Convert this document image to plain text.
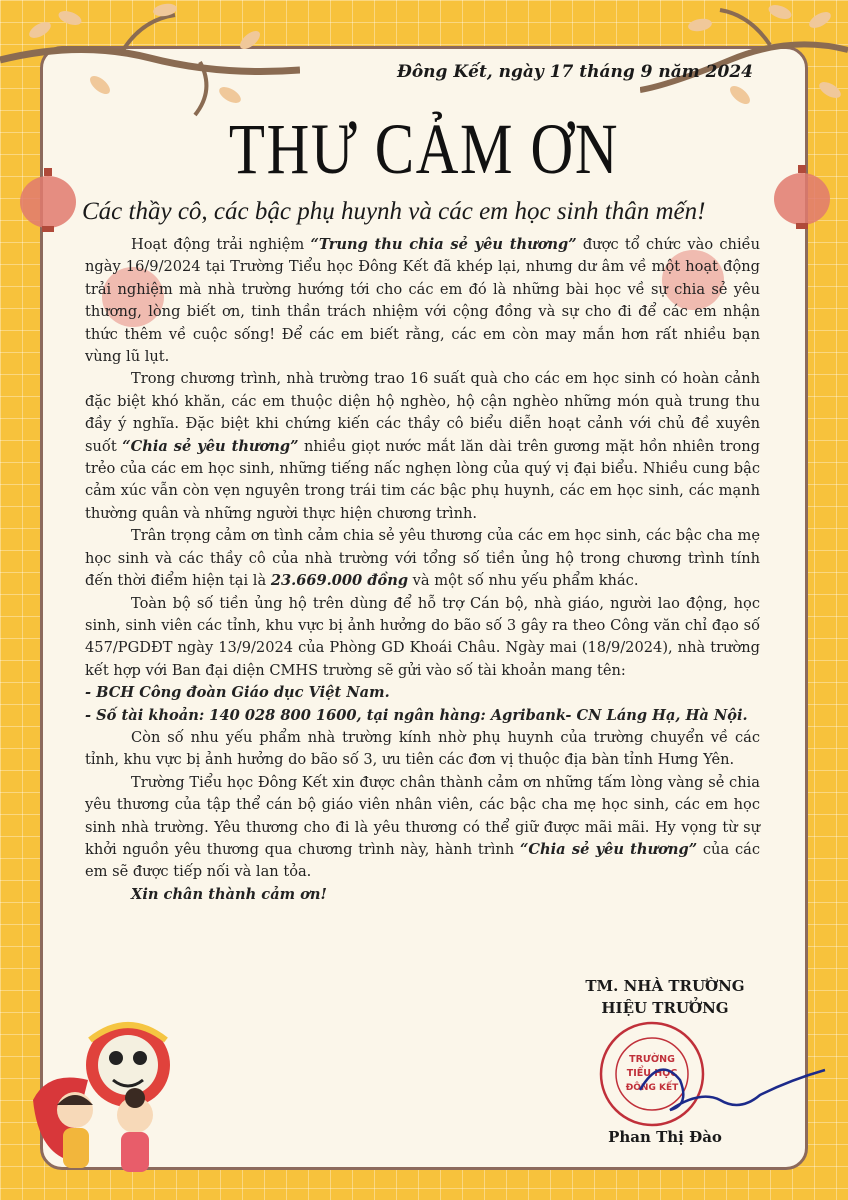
Đông Kết, ngày 17 tháng 9 năm 2024
THƯ CẢM ƠN
Các thầy cô, các bậc phụ huynh và các em học sinh thân mến!

Hoạt động trải nghiệm “Trung thu chia sẻ yêu thương” được tổ chức vào chiều ngày 16/9/2024 tại Trường Tiểu học Đông Kết đã khép lại, nhưng dư âm về một hoạt động trải nghiệm mà nhà trường hướng tới cho các em đó là những bài học về sự chia sẻ yêu thương, lòng biết ơn, tinh thần trách nhiệm với cộng đồng và sự cho đi để các em nhận thức thêm về cuộc sống! Để các em biết rằng, các em còn may mắn hơn rất nhiều bạn vùng lũ lụt.

Trong chương trình, nhà trường trao 16 suất quà cho các em học sinh có hoàn cảnh đặc biệt khó khăn, các em thuộc diện hộ nghèo, hộ cận nghèo những món quà trung thu đầy ý nghĩa. Đặc biệt khi chứng kiến các thầy cô biểu diễn hoạt cảnh với chủ đề xuyên suốt “Chia sẻ yêu thương” nhiều giọt nước mắt lăn dài trên gương mặt hồn nhiên trong trẻo của các em học sinh, những tiếng nấc nghẹn lòng của quý vị đại biểu. Nhiều cung bậc cảm xúc vẫn còn vẹn nguyên trong trái tim các bậc phụ huynh, các em học sinh, các mạnh thường quân và những người thực hiện chương trình.

Trân trọng cảm ơn tình cảm chia sẻ yêu thương của các em học sinh, các bậc cha mẹ học sinh và các thầy cô của nhà trường với tổng số tiền ủng hộ trong chương trình tính đến thời điểm hiện tại là 23.669.000 đồng và một số nhu yếu phẩm khác.

Toàn bộ số tiền ủng hộ trên dùng để hỗ trợ Cán bộ, nhà giáo, người lao động, học sinh, sinh viên các tỉnh, khu vực bị ảnh hưởng do bão số 3 gây ra theo Công văn chỉ đạo số 457/PGDĐT ngày 13/9/2024 của Phòng GD Khoái Châu. Ngày mai (18/9/2024), nhà trường kết hợp với Ban đại diện CMHS trường sẽ gửi vào số tài khoản mang tên:

- BCH Công đoàn Giáo dục Việt Nam.

- Số tài khoản: 140 028 800 1600, tại ngân hàng: Agribank- CN Láng Hạ, Hà Nội.

Còn số nhu yếu phẩm nhà trường kính nhờ phụ huynh của trường chuyển về các tỉnh, khu vực bị ảnh hưởng do bão số 3, ưu tiên các đơn vị thuộc địa bàn tỉnh Hưng Yên.

Trường Tiểu học Đông Kết xin được chân thành cảm ơn những tấm lòng vàng sẻ chia yêu thương của tập thể cán bộ giáo viên nhân viên, các bậc cha mẹ học sinh, các em học sinh nhà trường. Yêu thương cho đi là yêu thương có thể giữ được mãi mãi. Hy vọng từ sự khởi nguồn yêu thương qua chương trình này, hành trình “Chia sẻ yêu thương” của các em sẽ được tiếp nối và lan tỏa.

Xin chân thành cảm ơn!

TM. NHÀ TRƯỜNG
HIỆU TRƯỞNG
TRƯỜNG
TIỂU HỌC
ĐÔNG KẾT
Phan Thị Đào
